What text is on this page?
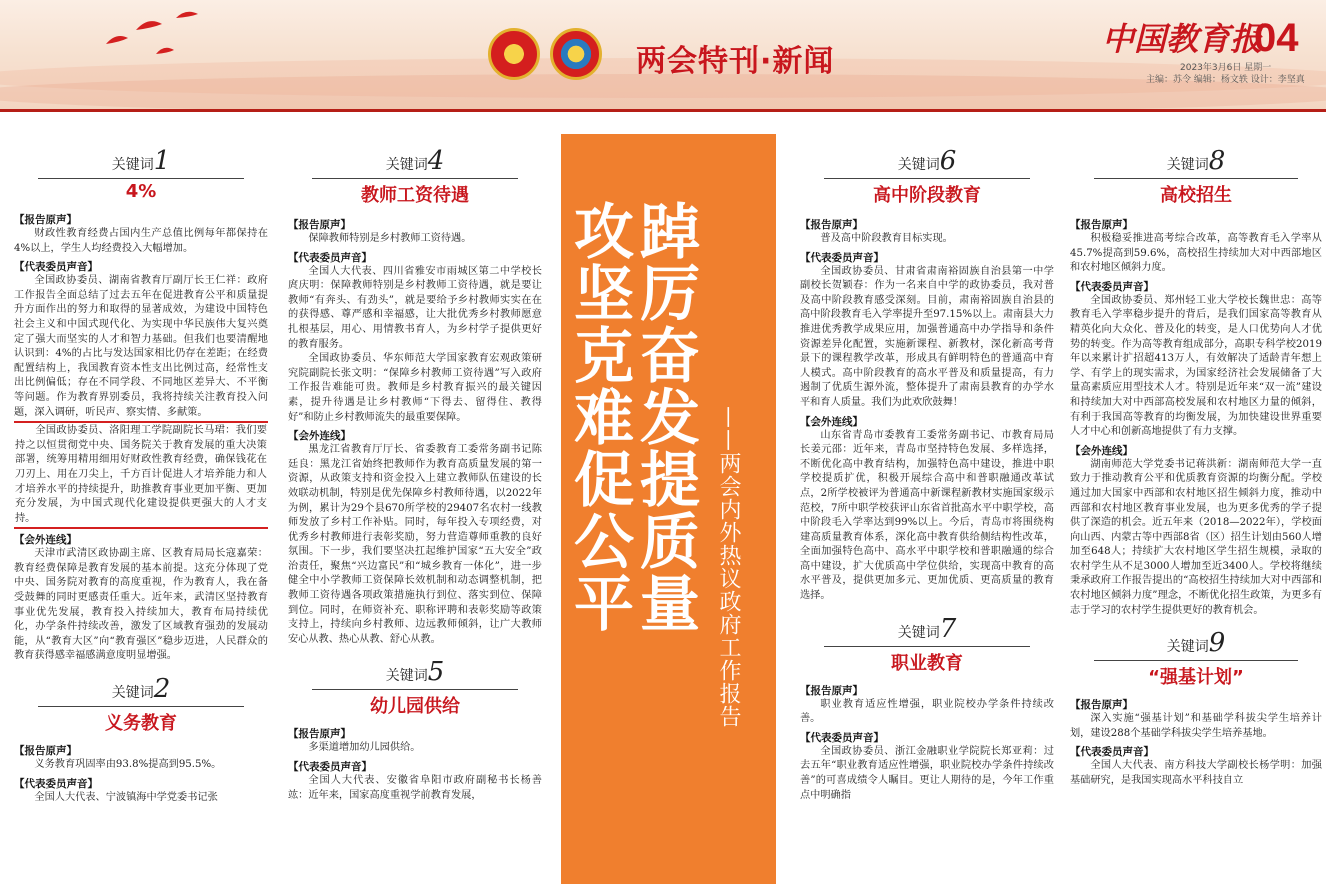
两会特刊·新闻
中国教育报
04
2023年3月6日 星期一
主编：苏令 编辑：杨文轶 设计：李坚真
关键词1
4%
【报告原声】

财政性教育经费占国内生产总值比例每年都保持在4%以上，学生人均经费投入大幅增加。

【代表委员声音】

全国政协委员、湖南省教育厅副厅长王仁祥：政府工作报告全面总结了过去五年在促进教育公平和质量提升方面作出的努力和取得的显著成效，为建设中国特色社会主义和中国式现代化、为实现中华民族伟大复兴奠定了强大而坚实的人才和智力基础。但我们也要清醒地认识到：4%的占比与发达国家相比仍存在差距；在经费配置结构上，我国教育资本性支出比例过高，经常性支出比例偏低；存在不同学段、不同地区差异大、不平衡等问题。作为教育界别委员，我将持续关注教育投入问题，深入调研，听民声、察实情、多献策。

全国政协委员、洛阳理工学院副院长马珺：我们要持之以恒贯彻党中央、国务院关于教育发展的重大决策部署，统筹用精用细用好财政性教育经费，确保钱花在刀刃上、用在刀尖上，千方百计促进人才培养能力和人才培养水平的持续提升，助推教育事业更加平衡、更加充分发展，为中国式现代化建设提供更强大的人才支持。

【会外连线】

天津市武清区政协副主席、区教育局局长寇嘉荣：教育经费保障是教育发展的基本前提。这充分体现了党中央、国务院对教育的高度重视，作为教育人，我在备受鼓舞的同时更感责任重大。近年来，武清区坚持教育事业优先发展，教育投入持续加大，教育布局持续优化，办学条件持续改善，激发了区域教育强劲的发展动能，从“教育大区”向“教育强区”稳步迈进，人民群众的教育获得感幸福感满意度明显增强。

关键词2
义务教育
【报告原声】

义务教育巩固率由93.8%提高到95.5%。

【代表委员声音】

全国人大代表、宁波镇海中学党委书记张

关键词4
教师工资待遇
【报告原声】

保障教师特别是乡村教师工资待遇。

【代表委员声音】

全国人大代表、四川省雅安市雨城区第二中学校长庹庆明：保障教师特别是乡村教师工资待遇，就是要让教师“有奔头、有劲头”，就是要给予乡村教师实实在在的获得感、尊严感和幸福感，让大批优秀乡村教师愿意扎根基层，用心、用情教书育人，为乡村学子提供更好的教育服务。

全国政协委员、华东师范大学国家教育宏观政策研究院副院长张文明：“保障乡村教师工资待遇”写入政府工作报告难能可贵。教师是乡村教育振兴的最关键因素，提升待遇是让乡村教师“下得去、留得住、教得好”和防止乡村教师流失的最重要保障。

【会外连线】

黑龙江省教育厅厅长、省委教育工委常务副书记陈廷良：黑龙江省始终把教师作为教育高质量发展的第一资源，从政策支持和资金投入上建立教师队伍建设的长效联动机制，特别是优先保障乡村教师待遇，以2022年为例，累计为29个县670所学校的29407名农村一线教师发放了乡村工作补贴。同时，每年投入专项经费，对优秀乡村教师进行表彰奖励，努力营造尊师重教的良好氛围。下一步，我们要坚决扛起维护国家“五大安全”政治责任，聚焦“兴边富民”和“城乡教育一体化”，进一步健全中小学教师工资保障长效机制和动态调整机制，把教师工资待遇各项政策措施执行到位、落实到位、保障到位。同时，在师资补充、职称评聘和表彰奖励等政策支持上，持续向乡村教师、边远教师倾斜，让广大教师安心从教、热心从教、舒心从教。

关键词5
幼儿园供给
【报告原声】

多渠道增加幼儿园供给。

【代表委员声音】

全国人大代表、安徽省阜阳市政府副秘书长杨善竑：近年来，国家高度重视学前教育发展，

踔厉奋发提质量
攻坚克难促公平	——两会内外热议政府工作报告
关键词6
高中阶段教育
【报告原声】

普及高中阶段教育目标实现。

【代表委员声音】

全国政协委员、甘肃省肃南裕固族自治县第一中学副校长贺颖春：作为一名来自中学的政协委员，我对普及高中阶段教育感受深刻。目前，肃南裕固族自治县的高中阶段教育毛入学率提升至97.15%以上。肃南县大力推进优秀教学成果应用，加强普通高中办学指导和条件资源差异化配置，实施新课程、新教材，深化新高考背景下的课程教学改革，形成具有鲜明特色的普通高中育人模式。高中阶段教育的高水平普及和质量提高，有力遏制了优质生源外流，整体提升了肃南县教育的办学水平和育人质量。我们为此欢欣鼓舞！

【会外连线】

山东省青岛市委教育工委常务副书记、市教育局局长姜元邵：近年来，青岛市坚持特色发展、多样选择，不断优化高中教育结构，加强特色高中建设，推进中职学校提质扩优，积极开展综合高中和普职融通改革试点，2所学校被评为普通高中新课程新教材实施国家级示范校，7所中职学校获评山东省首批高水平中职学校，高中阶段毛入学率达到99%以上。今后，青岛市将围绕构建高质量教育体系，深化高中教育供给侧结构性改革，全面加强特色高中、高水平中职学校和普职融通的综合高中建设，扩大优质高中学位供给，实现高中教育的高水平普及，提供更加多元、更加优质、更高质量的教育选择。

关键词7
职业教育
【报告原声】

职业教育适应性增强，职业院校办学条件持续改善。

【代表委员声音】

全国政协委员、浙江金融职业学院院长郑亚莉：过去五年“职业教育适应性增强，职业院校办学条件持续改善”的可喜成绩令人瞩目。更让人期待的是，今年工作重点中明确指

关键词8
高校招生
【报告原声】

积极稳妥推进高考综合改革，高等教育毛入学率从45.7%提高到59.6%，高校招生持续加大对中西部地区和农村地区倾斜力度。

【代表委员声音】

全国政协委员、郑州轻工业大学校长魏世忠：高等教育毛入学率稳步提升的背后，是我们国家高等教育从精英化向大众化、普及化的转变，是人口优势向人才优势的转变。作为高等教育组成部分，高职专科学校2019年以来累计扩招超413万人，有效解决了适龄青年想上学、有学上的现实需求，为国家经济社会发展储备了大量高素质应用型技术人才。特别是近年来“双一流”建设和持续加大对中西部高校发展和农村地区力量的倾斜，有利于我国高等教育的均衡发展，为加快建设世界重要人才中心和创新高地提供了有力支撑。

【会外连线】

湖南师范大学党委书记蒋洪新：湖南师范大学一直致力于推动教育公平和优质教育资源的均衡分配。学校通过加大国家中西部和农村地区招生倾斜力度，推动中西部和农村地区教育事业发展，也为更多优秀的学子提供了深造的机会。近五年来（2018—2022年），学校面向山西、内蒙古等中西部8省（区）招生计划由560人增加至648人；持续扩大农村地区学生招生规模，录取的农村学生从不足3000人增加至近3400人。学校将继续秉承政府工作报告提出的“高校招生持续加大对中西部和农村地区倾斜力度”理念，不断优化招生政策，为更多有志于学习的农村学生提供更好的教育机会。

关键词9
“强基计划”
【报告原声】

深入实施“强基计划”和基础学科拔尖学生培养计划，建设288个基础学科拔尖学生培养基地。

【代表委员声音】

全国人大代表、南方科技大学副校长杨学明：加强基础研究，是我国实现高水平科技自立
